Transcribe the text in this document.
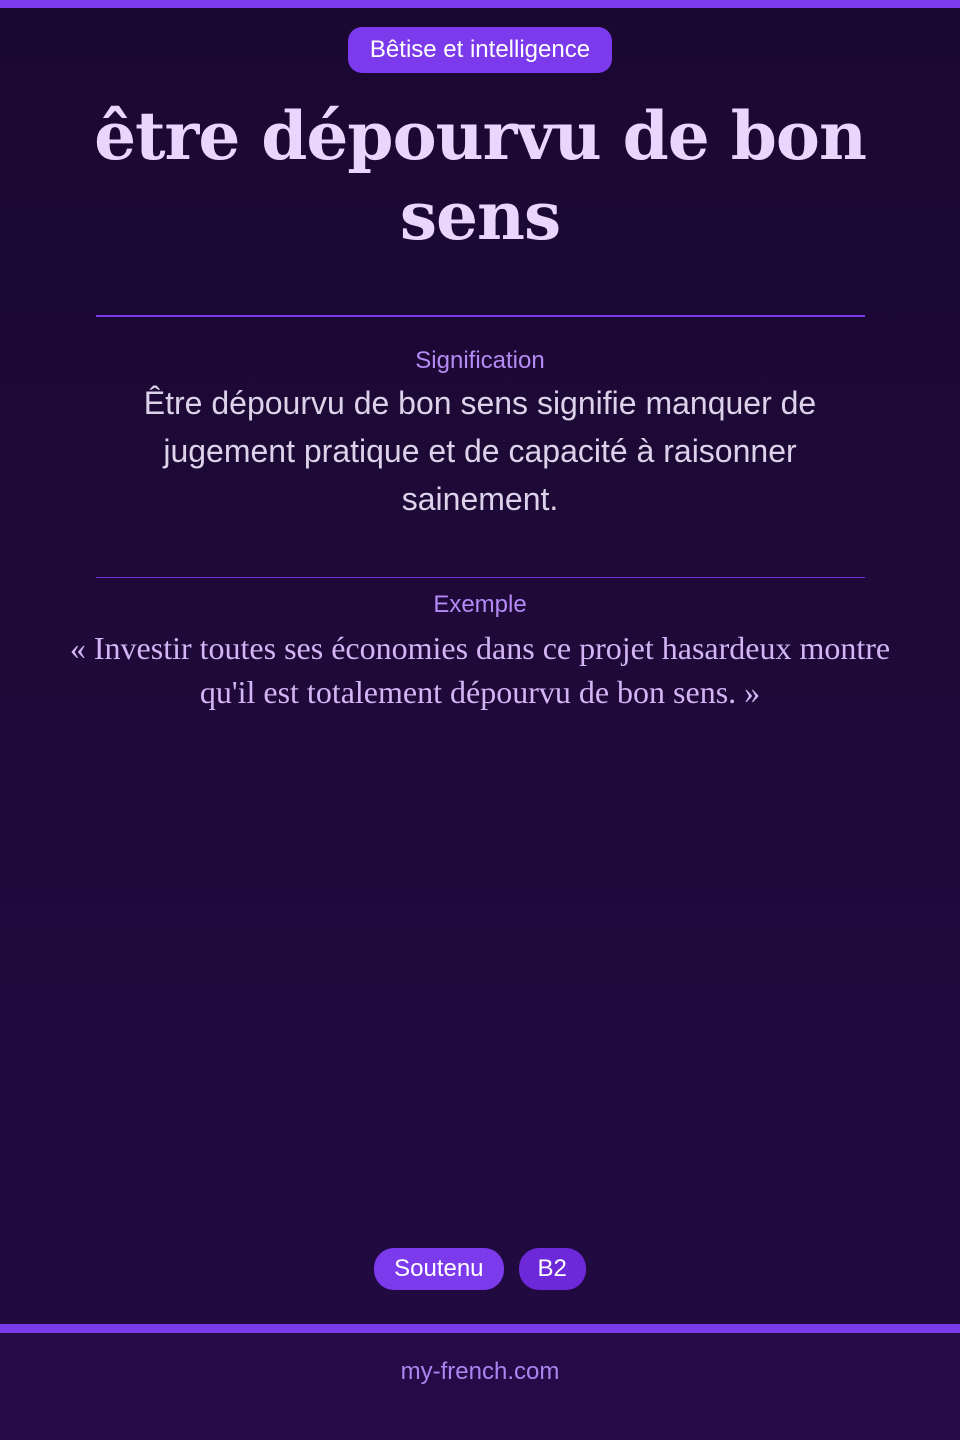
Bêtise et intelligence
être dépourvu de bon sens
Signification

Être dépourvu de bon sens signifie manquer de jugement pratique et de capacité à raisonner sainement.

Exemple

« Investir toutes ses économies dans ce projet hasardeux montre qu'il est totalement dépourvu de bon sens. »

Soutenu	B2
my-french.com
